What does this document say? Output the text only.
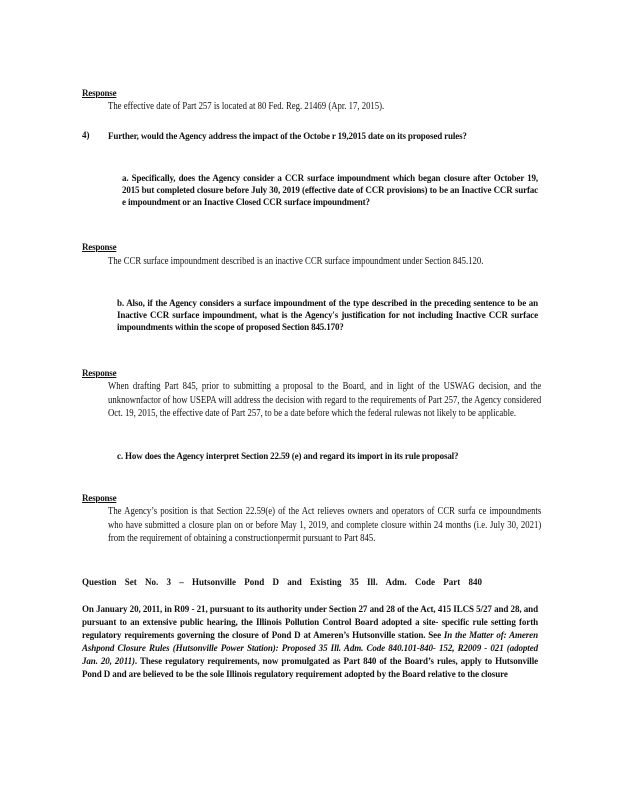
Response
The effective date of Part 257 is located at 80 Fed. Reg. 21469 (Apr. 17, 2015).
4) Further, would the Agency address the impact of the Octobe r 19,2015 date on its proposed rules?
a. Specifically, does the Agency consider a CCR surface impoundment which began closure after October 19, 2015 but completed closure before July 30, 2019 (effective date of CCR provisions) to be an Inactive CCR surfac e impoundment or an Inactive Closed CCR surface impoundment?
Response
The CCR surface impoundment described is an inactive CCR surface impoundment under Section 845.120.
b. Also, if the Agency considers a surface impoundment of the type described in the preceding sentence to be an Inactive CCR surface impoundment, what is the Agency's justification for not including Inactive CCR surface impoundments within the scope of proposed Section 845.170?
Response
When drafting Part 845, prior to submitting a proposal to the Board, and in light of the USWAG decision, and the unknownfactor of how USEPA will address the decision with regard to the requirements of Part 257, the Agency considered Oct. 19, 2015, the effective date of Part 257, to be a date before which the federal rulewas not likely to be applicable.
c. How does the Agency interpret Section 22.59 (e) and regard its import in its rule proposal?
Response
The Agency’s position is that Section 22.59(e) of the Act relieves owners and operators of CCR surfa ce impoundments who have submitted a closure plan on or before May 1, 2019, and complete closure within 24 months (i.e. July 30, 2021) from the requirement of obtaining a constructionpermit pursuant to Part 845.
Question Set No. 3 – Hutsonville Pond D and Existing 35 Ill. Adm. Code Part 840
On January 20, 2011, in R09 - 21, pursuant to its authority under Section 27 and 28 of the Act, 415 ILCS 5/27 and 28, and pursuant to an extensive public hearing, the Illinois Pollution Control Board adopted a site- specific rule setting forth regulatory requirements governing the closure of Pond D at Ameren’s Hutsonville station. See In the Matter of: Ameren Ashpond Closure Rules (Hutsonville Power Station): Proposed 35 Ill. Adm. Code 840.101-840- 152, R2009 - 021 (adopted Jan. 20, 2011). These regulatory requirements, now promulgated as Part 840 of the Board’s rules, apply to Hutsonville Pond D and are believed to be the sole Illinois regulatory requirement adopted by the Board relative to the closure
